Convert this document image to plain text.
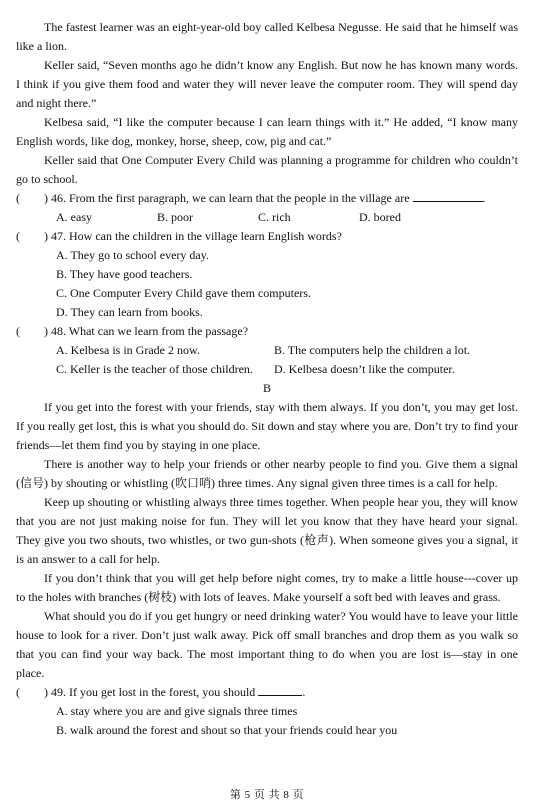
The fastest learner was an eight-year-old boy called Kelbesa Negusse. He said that he himself was like a lion.

Keller said, “Seven months ago he didn’t know any English. But now he has known many words. I think if you give them food and water they will never leave the computer room. They will spend day and night there.”

Kelbesa said, “I like the computer because I can learn things with it.” He added, “I know many English words, like dog, monkey, horse, sheep, cow, pig and cat.”

Keller said that One Computer Every Child was planning a programme for children who couldn’t go to school.

( ) 46. From the first paragraph, we can learn that the people in the village are	.
A. easy	B. poor	C. rich	D. bored
( ) 47. How can the children in the village learn English words?
A. They go to school every day.
B. They have good teachers.
C. One Computer Every Child gave them computers.
D. They can learn from books.
( ) 48. What can we learn from the passage?
A. Kelbesa is in Grade 2 now.	B. The computers help the children a lot.
C. Keller is the teacher of those children.	D. Kelbesa doesn’t like the computer.
B

If you get into the forest with your friends, stay with them always. If you don’t, you may get lost. If you really get lost, this is what you should do. Sit down and stay where you are. Don’t try to find your friends—let them find you by staying in one place.

There is another way to help your friends or other nearby people to find you. Give them a signal (信号) by shouting or whistling (吹口哨) three times. Any signal given three times is a call for help.

Keep up shouting or whistling always three times together. When people hear you, they will know that you are not just making noise for fun. They will let you know that they have heard your signal. They give you two shouts, two whistles, or two gun-shots (枪声). When someone gives you a signal, it is an answer to a call for help.

If you don’t think that you will get help before night comes, try to make a little house---cover up to the holes with branches (树枝) with lots of leaves. Make yourself a soft bed with leaves and grass.

What should you do if you get hungry or need drinking water? You would have to leave your little house to look for a river. Don’t just walk away. Pick off small branches and drop them as you walk so that you can find your way back. The most important thing to do when you are lost is—stay in one place.

( ) 49. If you get lost in the forest, you should	.
A. stay where you are and give signals three times
B. walk around the forest and shout so that your friends could hear you
第 5 页 共 8 页
